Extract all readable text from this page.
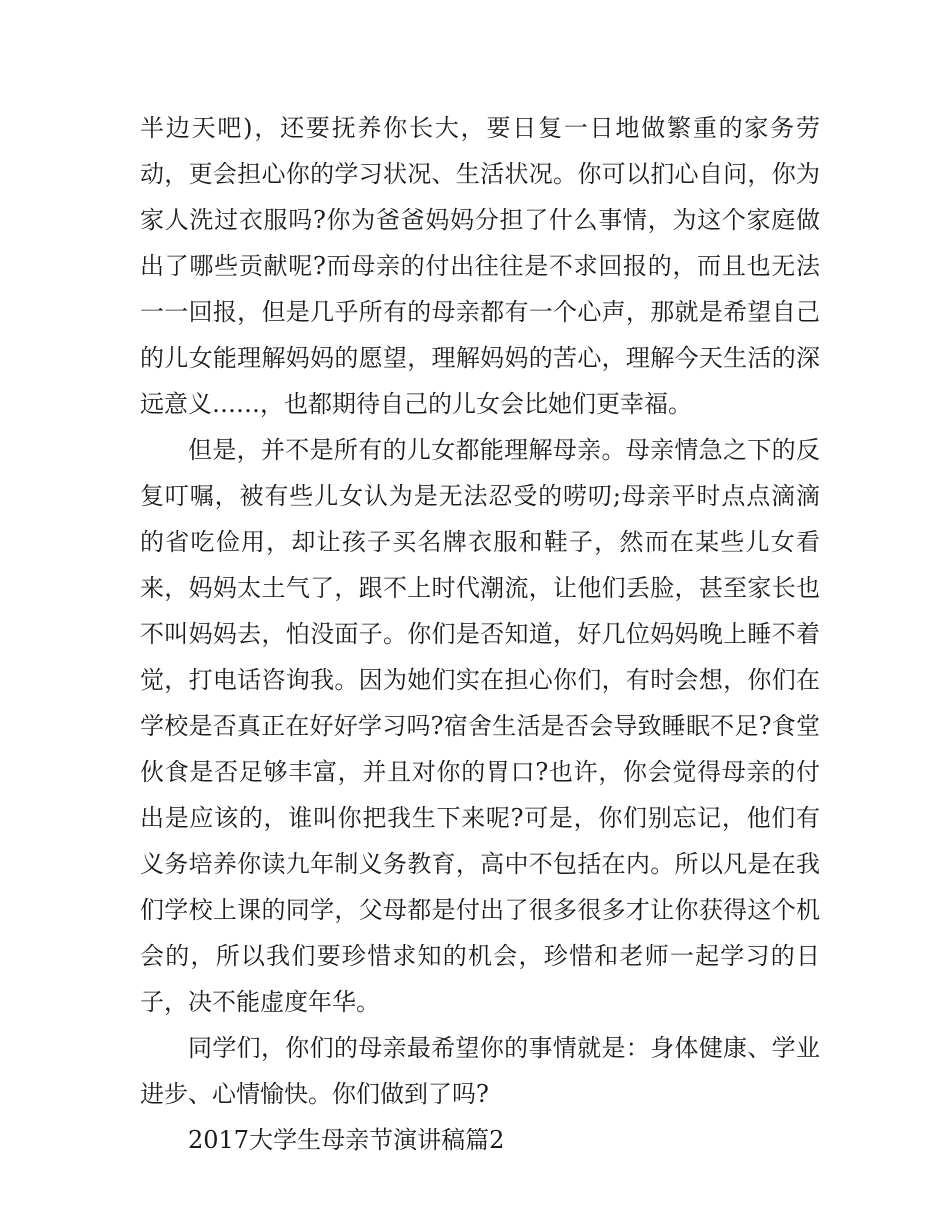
半边天吧)，还要抚养你长大，要日复一日地做繁重的家务劳动，更会担心你的学习状况、生活状况。你可以扪心自问，你为家人洗过衣服吗?你为爸爸妈妈分担了什么事情，为这个家庭做出了哪些贡献呢?而母亲的付出往往是不求回报的，而且也无法一一回报，但是几乎所有的母亲都有一个心声，那就是希望自己的儿女能理解妈妈的愿望，理解妈妈的苦心，理解今天生活的深远意义……，也都期待自己的儿女会比她们更幸福。

但是，并不是所有的儿女都能理解母亲。母亲情急之下的反复叮嘱，被有些儿女认为是无法忍受的唠叨;母亲平时点点滴滴的省吃俭用，却让孩子买名牌衣服和鞋子，然而在某些儿女看来，妈妈太土气了，跟不上时代潮流，让他们丢脸，甚至家长也不叫妈妈去，怕没面子。你们是否知道，好几位妈妈晚上睡不着觉，打电话咨询我。因为她们实在担心你们，有时会想，你们在学校是否真正在好好学习吗?宿舍生活是否会导致睡眠不足?食堂伙食是否足够丰富，并且对你的胃口?也许，你会觉得母亲的付出是应该的，谁叫你把我生下来呢?可是，你们别忘记，他们有义务培养你读九年制义务教育，高中不包括在内。所以凡是在我们学校上课的同学，父母都是付出了很多很多才让你获得这个机会的，所以我们要珍惜求知的机会，珍惜和老师一起学习的日子，决不能虚度年华。

同学们，你们的母亲最希望你的事情就是：身体健康、学业进步、心情愉快。你们做到了吗?

2017大学生母亲节演讲稿篇2
